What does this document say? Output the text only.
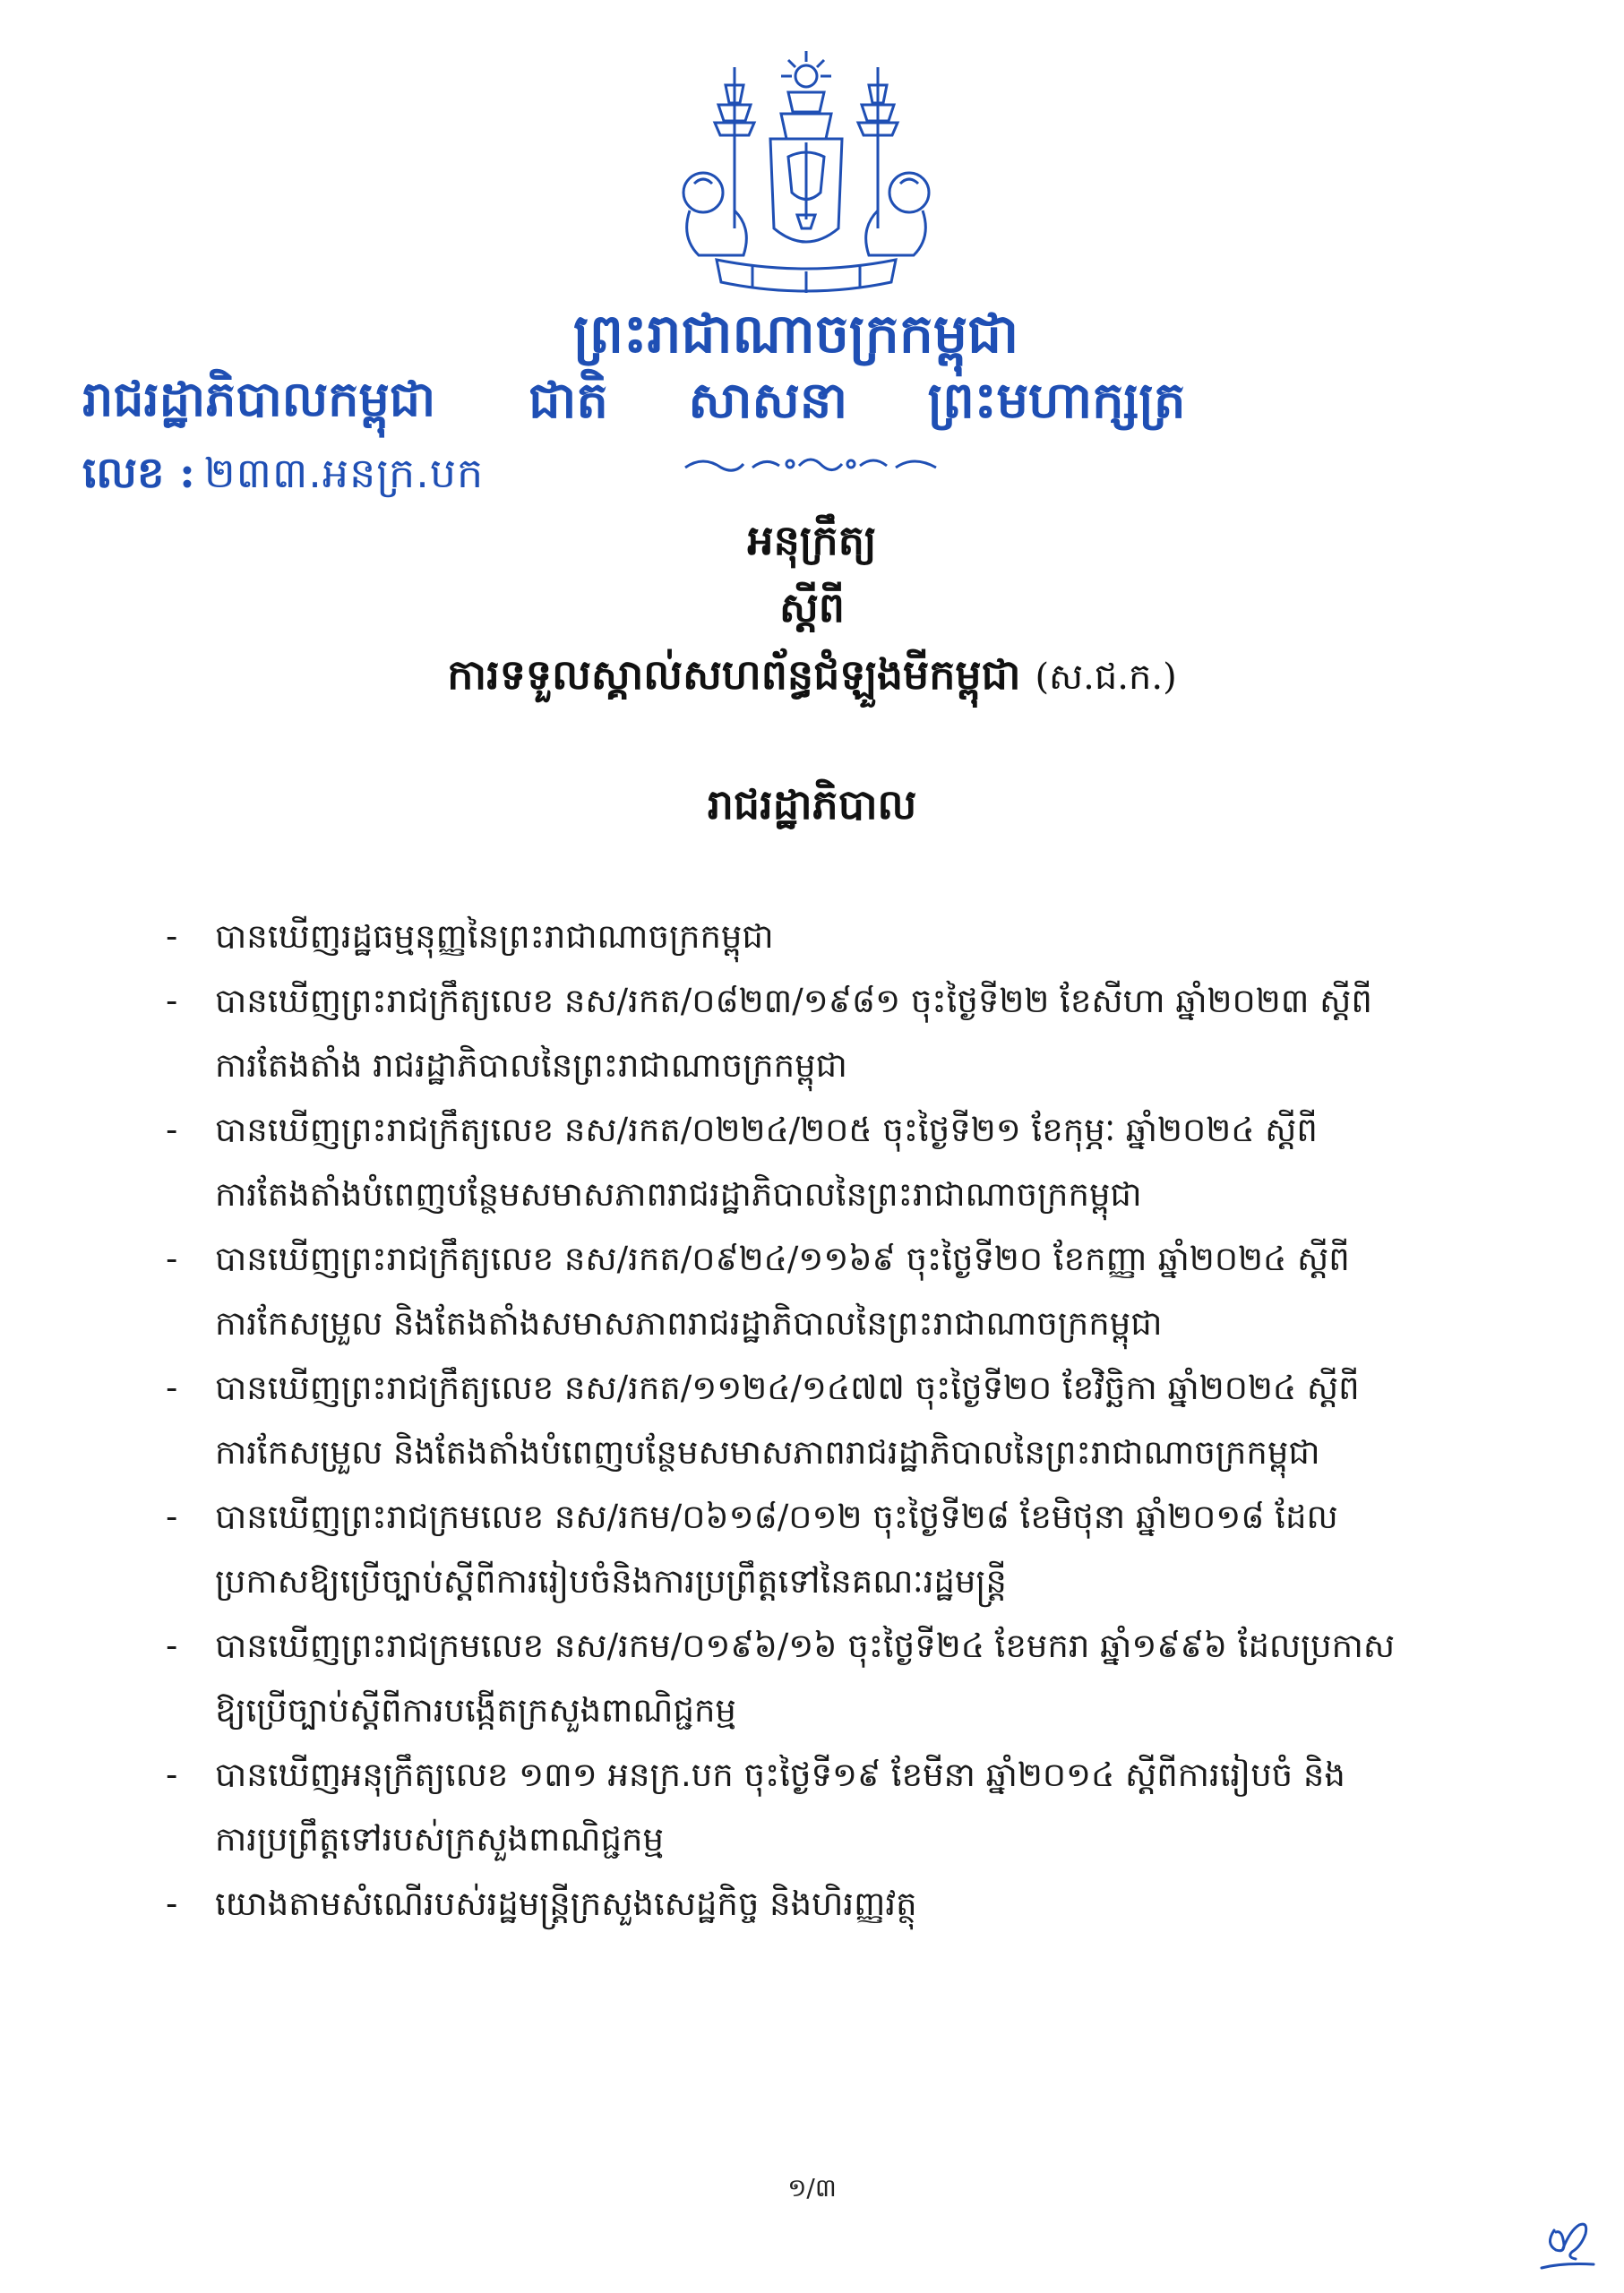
ព្រះរាជាណាចក្រកម្ពុជា
ជាតិ សាសនា ព្រះមហាក្សត្រ
រាជរដ្ឋាភិបាលកម្ពុជា
លេខ : ២៣៣.អនក្រ.បក
អនុក្រឹត្យ
ស្តីពី
ការទទួលស្គាល់សហព័ន្ធជំឡួងមីកម្ពុជា (ស.ជ.ក.)
រាជរដ្ឋាភិបាល
- បានឃើញរដ្ឋធម្មនុញ្ញនៃព្រះរាជាណាចក្រកម្ពុជា
- បានឃើញព្រះរាជក្រឹត្យលេខ នស/រកត/០៨២៣/១៩៨១ ចុះថ្ងៃទី២២ ខែសីហា ឆ្នាំ២០២៣ ស្តីពី
ការតែងតាំង រាជរដ្ឋាភិបាលនៃព្រះរាជាណាចក្រកម្ពុជា
- បានឃើញព្រះរាជក្រឹត្យលេខ នស/រកត/០២២៤/២០៥ ចុះថ្ងៃទី២១ ខែកុម្ភៈ ឆ្នាំ២០២៤ ស្តីពី
ការតែងតាំងបំពេញបន្ថែមសមាសភាពរាជរដ្ឋាភិបាលនៃព្រះរាជាណាចក្រកម្ពុជា
- បានឃើញព្រះរាជក្រឹត្យលេខ នស/រកត/០៩២៤/១១៦៩ ចុះថ្ងៃទី២០ ខែកញ្ញា ឆ្នាំ២០២៤ ស្តីពី
ការកែសម្រួល និងតែងតាំងសមាសភាពរាជរដ្ឋាភិបាលនៃព្រះរាជាណាចក្រកម្ពុជា
- បានឃើញព្រះរាជក្រឹត្យលេខ នស/រកត/១១២៤/១៤៧៧ ចុះថ្ងៃទី២០ ខែវិច្ឆិកា ឆ្នាំ២០២៤ ស្តីពី
ការកែសម្រួល និងតែងតាំងបំពេញបន្ថែមសមាសភាពរាជរដ្ឋាភិបាលនៃព្រះរាជាណាចក្រកម្ពុជា
- បានឃើញព្រះរាជក្រមលេខ នស/រកម/០៦១៨/០១២ ចុះថ្ងៃទី២៨ ខែមិថុនា ឆ្នាំ២០១៨ ដែល
ប្រកាសឱ្យប្រើច្បាប់ស្តីពីការរៀបចំនិងការប្រព្រឹត្តទៅនៃគណៈរដ្ឋមន្ត្រី
- បានឃើញព្រះរាជក្រមលេខ នស/រកម/០១៩៦/១៦ ចុះថ្ងៃទី២៤ ខែមករា ឆ្នាំ១៩៩៦ ដែលប្រកាស
ឱ្យប្រើច្បាប់ស្តីពីការបង្កើតក្រសួងពាណិជ្ជកម្ម
- បានឃើញអនុក្រឹត្យលេខ ១៣១ អនក្រ.បក ចុះថ្ងៃទី១៩ ខែមីនា ឆ្នាំ២០១៤ ស្តីពីការរៀបចំ និង
ការប្រព្រឹត្តទៅរបស់ក្រសួងពាណិជ្ជកម្ម
- យោងតាមសំណើរបស់រដ្ឋមន្ត្រីក្រសួងសេដ្ឋកិច្ច និងហិរញ្ញវត្ថុ
១/៣
